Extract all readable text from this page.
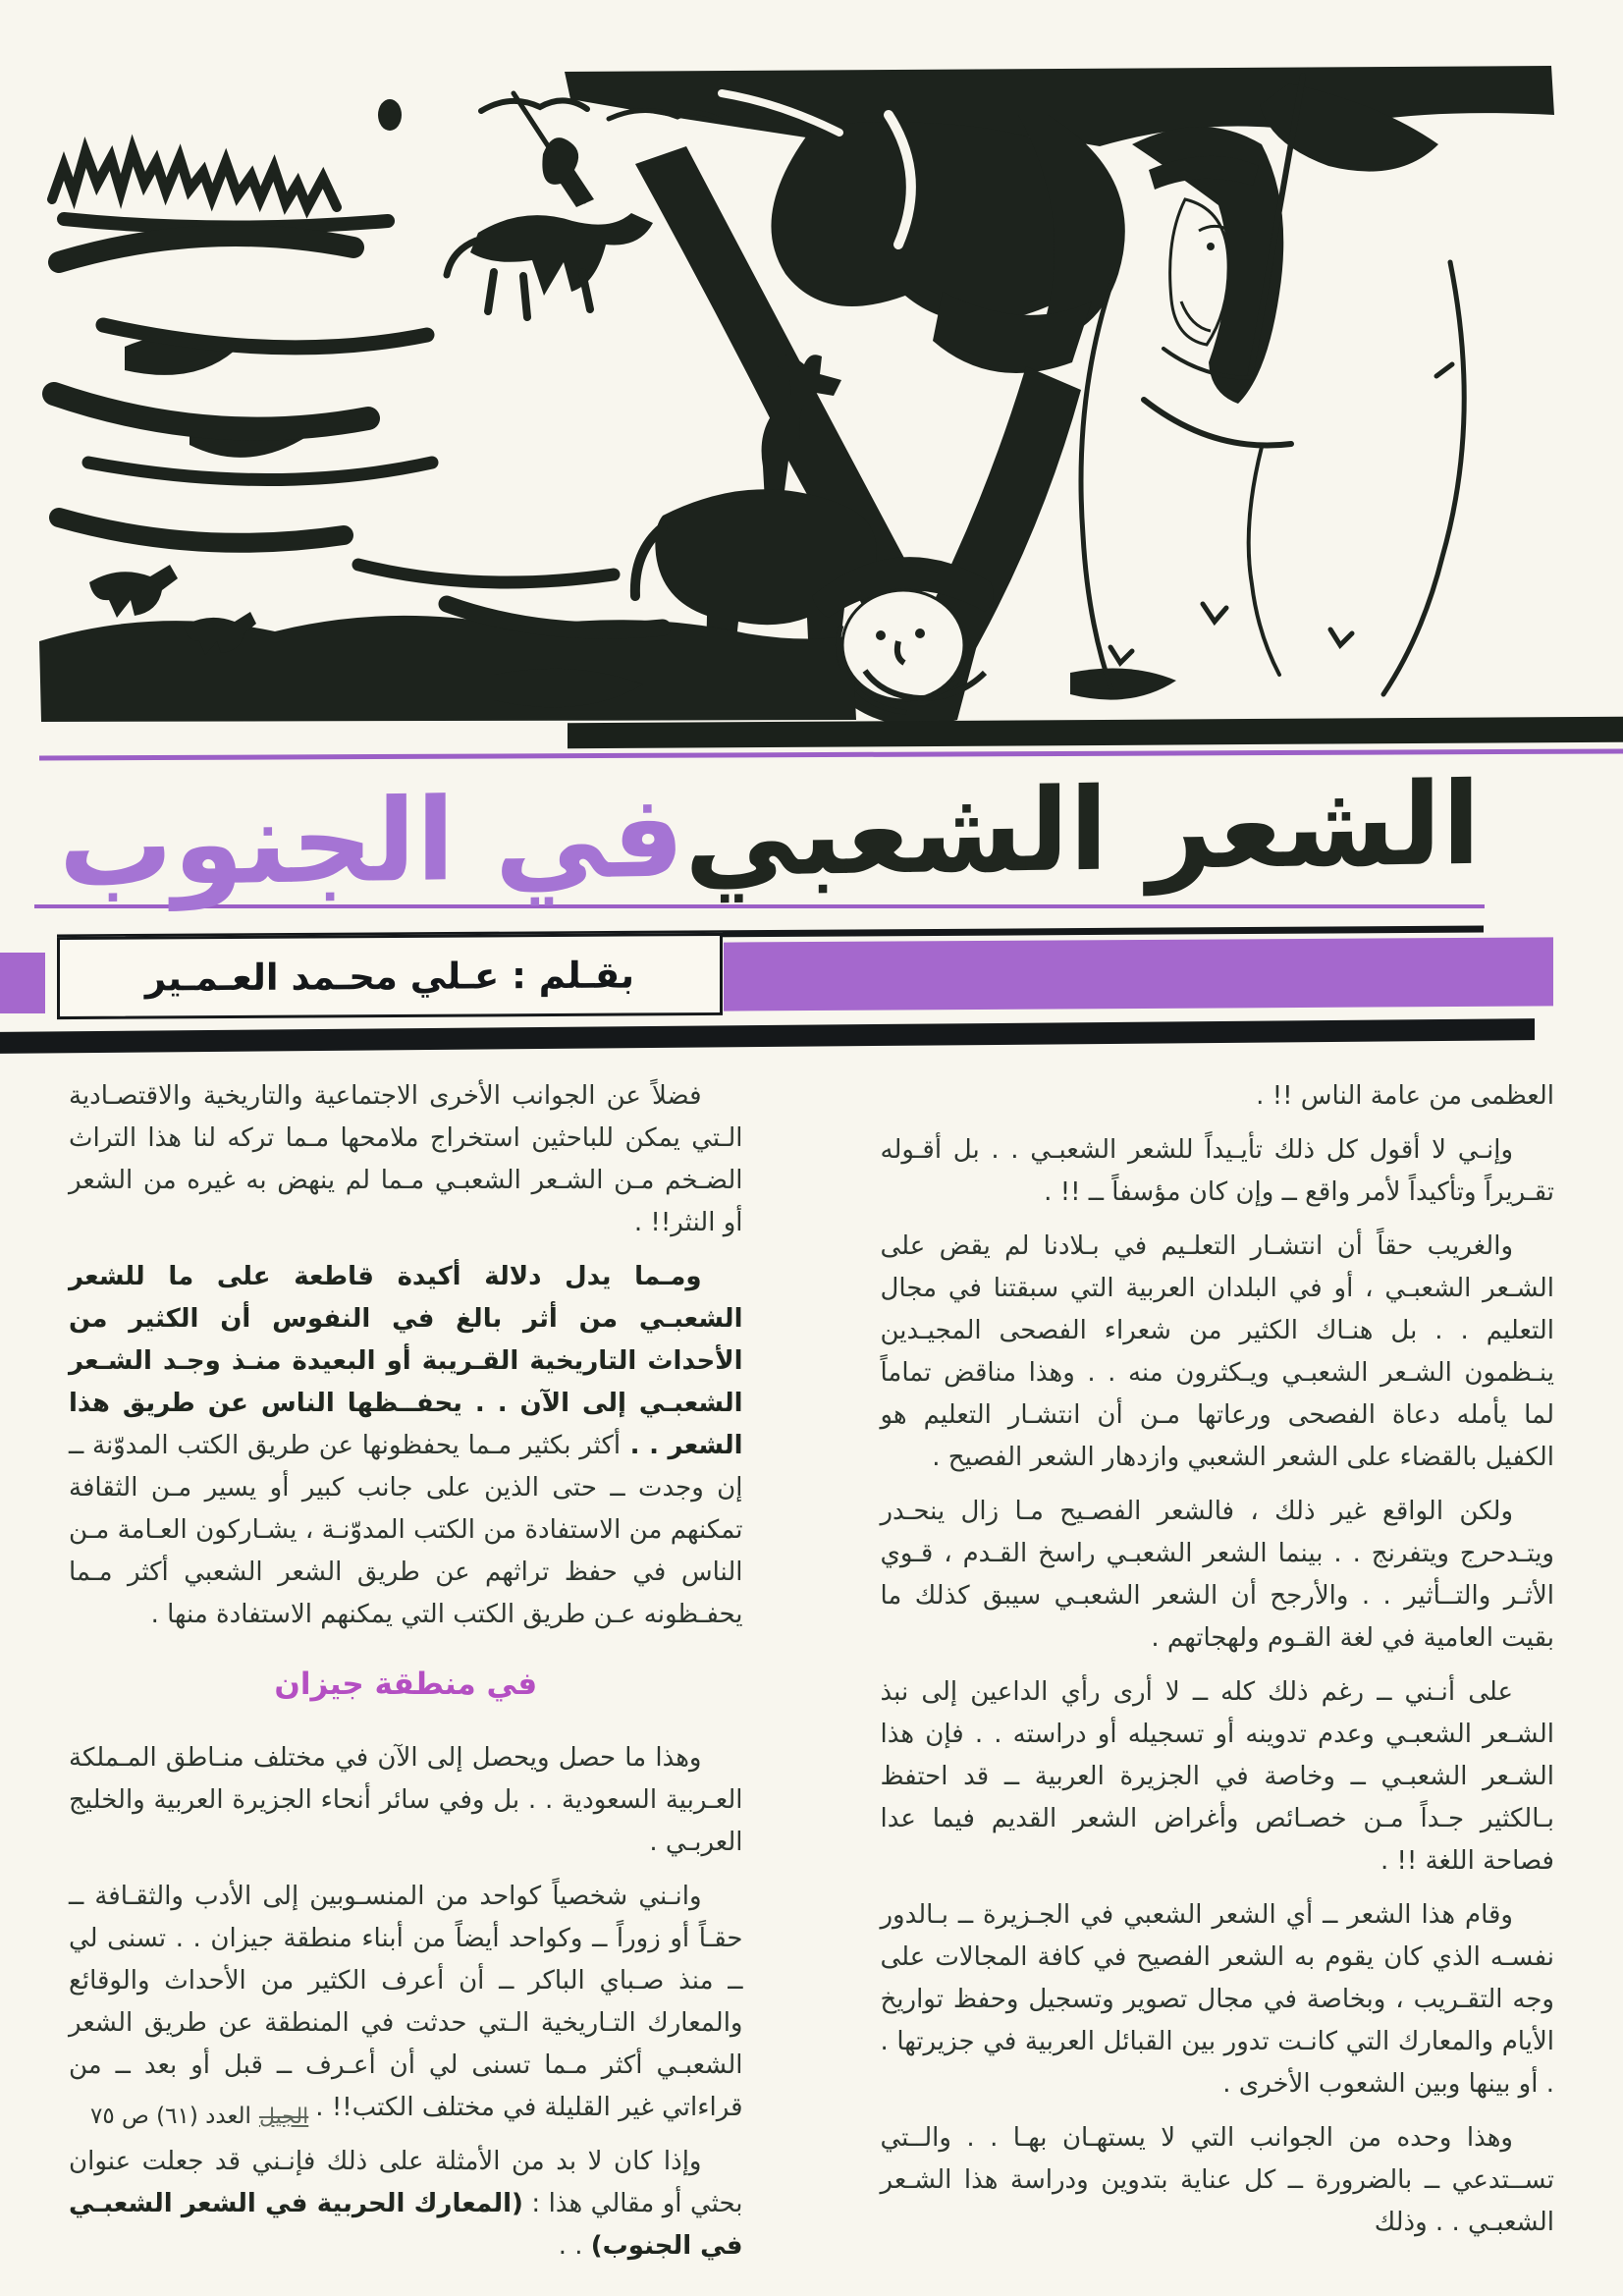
الشعر الشعبي
في الجنوب
بقـلم : عـلي محـمد العـمـير

العظمى من عامة الناس !! .

وإنـي لا أقول كل ذلك تأيـيداً للشعر الشعبـي . . بل أقـوله تقـريراً وتأكيداً لأمر واقع ــ وإن كان مؤسفاً ــ !! .

والغريب حقاً أن انتشـار التعلـيم في بـلادنا لم يقض على الشـعر الشعبـي ، أو في البلدان العربية التي سبقتنا في مجال التعليم . . بل هنـاك الكثير من شعراء الفصحى المجيـدين ينـظمون الشـعر الشعبـي ويـكثرون منه . . وهذا مناقض تماماً لما يأمله دعاة الفصحى ورعاتها مـن أن انتشـار التعليم هو الكفيل بالقضاء على الشعر الشعبي وازدهار الشعر الفصيح .

ولكن الواقع غير ذلك ، فالشعر الفصـيح مـا زال ينحـدر ويتـدحرج ويتفرنج . . بينما الشعر الشعبـي راسخ القـدم ، قـوي الأثـر والتــأثير . . والأرجح أن الشعر الشعبـي سيبق كذلك ما بقيت العامية في لغة القـوم ولهجاتهم .

على أنـني ــ رغم ذلك كله ــ لا أرى رأي الداعين إلى نبذ الشـعر الشعبـي وعدم تدوينه أو تسجيله أو دراسته . . فإن هذا الشـعر الشعبـي ــ وخاصة في الجزيرة العربية ــ قد احتفظ بـالكثير جـداً مـن خصـائص وأغراض الشعر القديم فيما عدا فصاحة اللغة !! .

وقام هذا الشعر ــ أي الشعر الشعبي في الجـزيرة ــ بـالدور نفسـه الذي كان يقوم به الشعر الفصيح في كافة المجالات على وجه التقـريب ، وبخاصة في مجال تصوير وتسجيل وحفظ تواريخ الأيام والمعارك التي كانـت تدور بين القبائل العربية في جزيرتها . . أو بينها وبين الشعوب الأخرى .

وهذا وحده من الجوانب التي لا يستهـان بهـا . . والــتي تســتدعي ــ بالضرورة ــ كل عناية بتدوين ودراسة هذا الشـعر الشعبـي . . وذلك

فضلاً عن الجوانب الأخرى الاجتماعية والتاريخية والاقتصـادية الـتي يمكن للباحثين استخراج ملامحها مـما تركه لنا هذا التراث الضـخم مـن الشـعر الشعبـي مـما لم ينهض به غيره من الشعر أو النثر!! .

ومـما يدل دلالة أكيدة قاطعة على ما للشعر الشعبـي من أثر بالغ في النفوس أن الكثير من الأحداث التاريخية القـريبة أو البعيدة منـذ وجـد الشـعر الشعبـي إلى الآن . . يحفــظها الناس عن طريق هذا الشعر . . أكثر بكثير مـما يحفظونها عن طريق الكتب المدوّنة ــ إن وجدت ــ حتى الذين على جانب كبير أو يسير مـن الثقافة تمكنهم من الاستفادة من الكتب المدوّنـة ، يشـاركون العـامة مـن الناس في حفظ تراثهم عن طريق الشعر الشعبي أكثر مـما يحفـظونه عـن طريق الكتب التي يمكنهم الاستفادة منها .

في منطقة جيزان

وهذا ما حصل ويحصل إلى الآن في مختلف منـاطق المـملكة العـربية السعودية . . بل وفي سائر أنحاء الجزيرة العربية والخليج العربـي .

وانـني شخصياً كواحد من المنسـوبين إلى الأدب والثقـافة ــ حقـاً أو زوراً ــ وكواحد أيضاً من أبناء منطقة جيزان . . تسنى لي ــ منذ صـباي الباكر ــ أن أعرف الكثير من الأحداث والوقائع والمعارك التـاريخية الـتي حدثت في المنطقة عن طريق الشعر الشعبـي أكثر مـما تسنى لي أن أعـرف ــ قبل أو بعد ــ من قراءاتي غير القليلة في مختلف الكتب!! .

وإذا كان لا بد من الأمثلة على ذلك فإنـني قد جعلت عنوان بحثي أو مقالي هذا : (المعارك الحربية في الشعر الشعبـي في الجنوب) . .

الجيل
العدد (٦١) ص ٧٥
